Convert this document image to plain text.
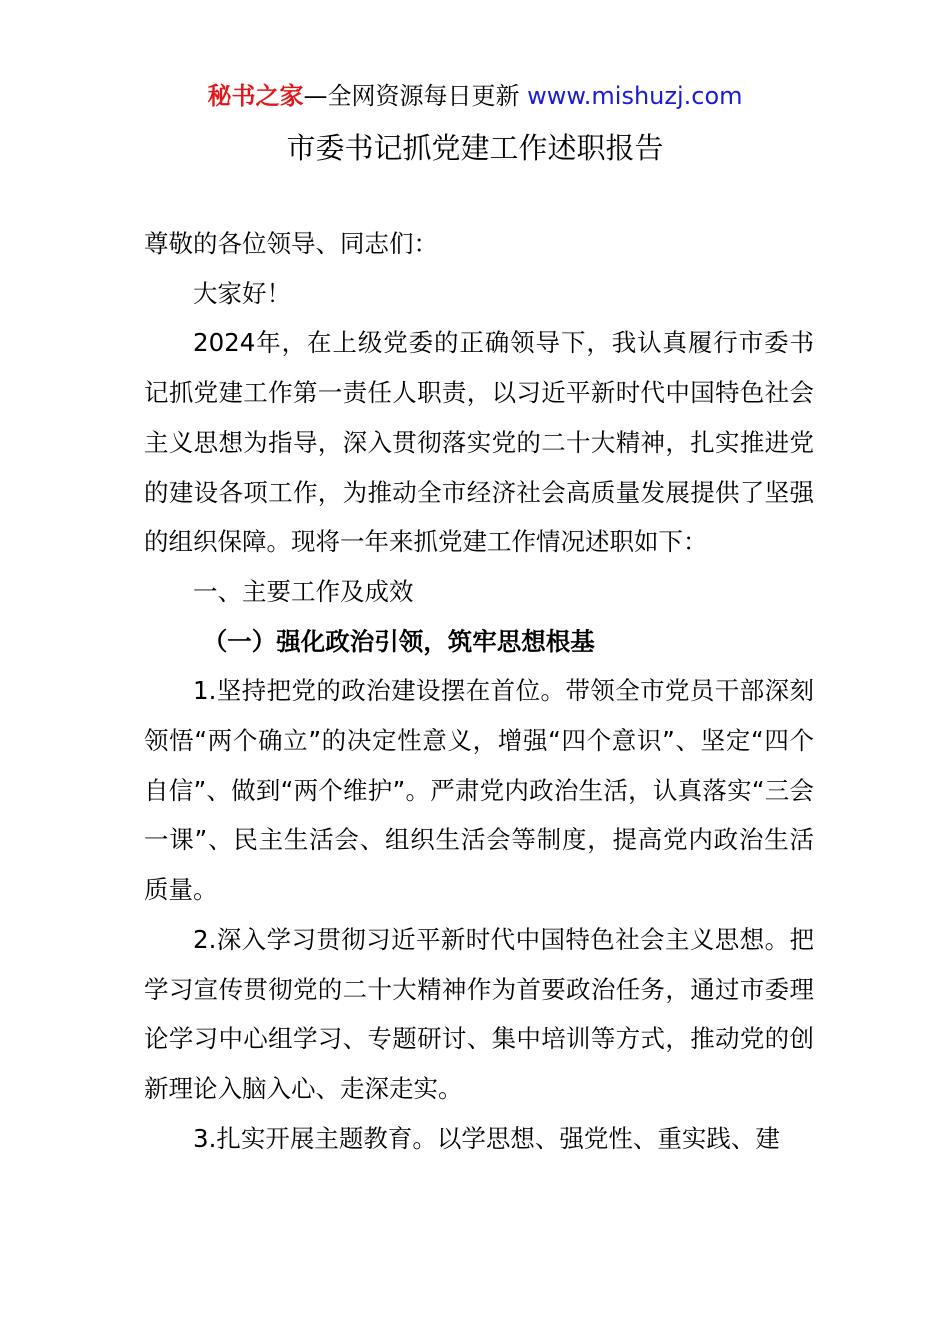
秘书之家—全网资源每日更新 www.mishuzj.com
市委书记抓党建工作述职报告

尊敬的各位领导、同志们：

大家好！

2024年，在上级党委的正确领导下，我认真履行市委书记抓党建工作第一责任人职责，以习近平新时代中国特色社会主义思想为指导，深入贯彻落实党的二十大精神，扎实推进党的建设各项工作，为推动全市经济社会高质量发展提供了坚强的组织保障。现将一年来抓党建工作情况述职如下：

一、主要工作及成效

（一）强化政治引领，筑牢思想根基

1.坚持把党的政治建设摆在首位。带领全市党员干部深刻领悟“两个确立”的决定性意义，增强“四个意识”、坚定“四个自信”、做到“两个维护”。严肃党内政治生活，认真落实“三会一课”、民主生活会、组织生活会等制度，提高党内政治生活质量。

2.深入学习贯彻习近平新时代中国特色社会主义思想。把学习宣传贯彻党的二十大精神作为首要政治任务，通过市委理论学习中心组学习、专题研讨、集中培训等方式，推动党的创新理论入脑入心、走深走实。

3.扎实开展主题教育。以学思想、强党性、重实践、建
